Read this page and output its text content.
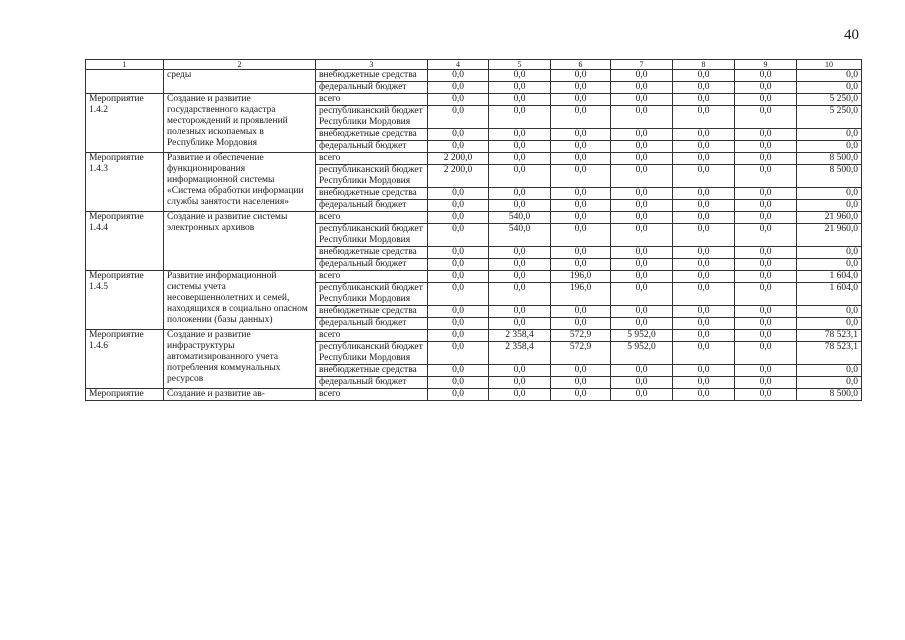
40
1	2	3	4	5	6	7	8	9	10
	среды	внебюджетные средства	0,0	0,0	0,0	0,0	0,0	0,0	0,0
		федеральный бюджет	0,0	0,0	0,0	0,0	0,0	0,0	0,0
Мероприятие 1.4.2	Создание и развитие государственного кадастра месторождений и проявлений полезных ископаемых в Республике Мордовия	всего	0,0	0,0	0,0	0,0	0,0	0,0	5 250,0
		республиканский бюджет Республики Мордовия	0,0	0,0	0,0	0,0	0,0	0,0	5 250,0
		внебюджетные средства	0,0	0,0	0,0	0,0	0,0	0,0	0,0
		федеральный бюджет	0,0	0,0	0,0	0,0	0,0	0,0	0,0
Мероприятие 1.4.3	Развитие и обеспечение функционирования информационной системы «Система обработки информации службы занятости населения»	всего	2 200,0	0,0	0,0	0,0	0,0	0,0	8 500,0
		республиканский бюджет Республики Мордовия	2 200,0	0,0	0,0	0,0	0,0	0,0	8 500,0
		внебюджетные средства	0,0	0,0	0,0	0,0	0,0	0,0	0,0
		федеральный бюджет	0,0	0,0	0,0	0,0	0,0	0,0	0,0
Мероприятие 1.4.4	Создание и развитие системы электронных архивов	всего	0,0	540,0	0,0	0,0	0,0	0,0	21 960,0
		республиканский бюджет Республики Мордовия	0,0	540,0	0,0	0,0	0,0	0,0	21 960,0
		внебюджетные средства	0,0	0,0	0,0	0,0	0,0	0,0	0,0
		федеральный бюджет	0,0	0,0	0,0	0,0	0,0	0,0	0,0
Мероприятие 1.4.5	Развитие информационной системы учета несовершеннолетних и семей, находящихся в социально опасном положении (базы данных)	всего	0,0	0,0	196,0	0,0	0,0	0,0	1 604,0
		республиканский бюджет Республики Мордовия	0,0	0,0	196,0	0,0	0,0	0,0	1 604,0
		внебюджетные средства	0,0	0,0	0,0	0,0	0,0	0,0	0,0
		федеральный бюджет	0,0	0,0	0,0	0,0	0,0	0,0	0,0
Мероприятие 1.4.6	Создание и развитие инфраструктуры автоматизированного учета потребления коммунальных ресурсов	всего	0,0	2 358,4	572,9	5 952,0	0,0	0,0	78 523,1
		республиканский бюджет Республики Мордовия	0,0	2 358,4	572,9	5 952,0	0,0	0,0	78 523,1
		внебюджетные средства	0,0	0,0	0,0	0,0	0,0	0,0	0,0
		федеральный бюджет	0,0	0,0	0,0	0,0	0,0	0,0	0,0
Мероприятие	Создание и развитие ав-	всего	0,0	0,0	0,0	0,0	0,0	0,0	8 500,0
